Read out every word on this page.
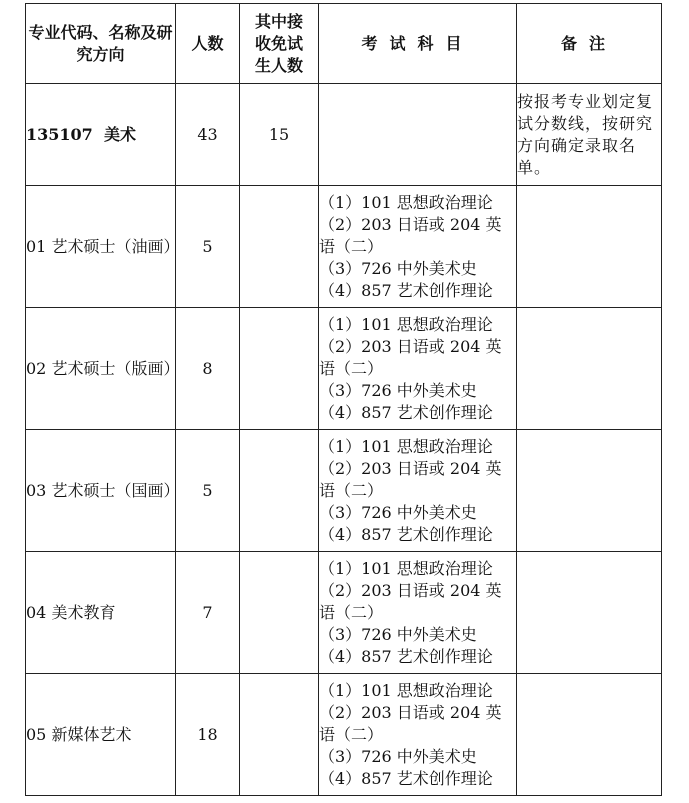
专业代码、名称及研究方向	人数	其中接收免试生人数	考试科目	备注
135107  美术	43	15		按报考专业划定复试分数线，按研究方向确定录取名单。
01 艺术硕士（油画）	5		（1）101 思想政治理论
（2）203 日语或 204 英
语（二）
（3）726 中外美术史
（4）857 艺术创作理论	

02 艺术硕士（版画）	8		（1）101 思想政治理论
（2）203 日语或 204 英
语（二）
（3）726 中外美术史
（4）857 艺术创作理论	

03 艺术硕士（国画）	5		（1）101 思想政治理论
（2）203 日语或 204 英
语（二）
（3）726 中外美术史
（4）857 艺术创作理论	

04 美术教育	7		（1）101 思想政治理论
（2）203 日语或 204 英
语（二）
（3）726 中外美术史
（4）857 艺术创作理论	

05 新媒体艺术	18		（1）101 思想政治理论
（2）203 日语或 204 英
语（二）
（3）726 中外美术史
（4）857 艺术创作理论	
